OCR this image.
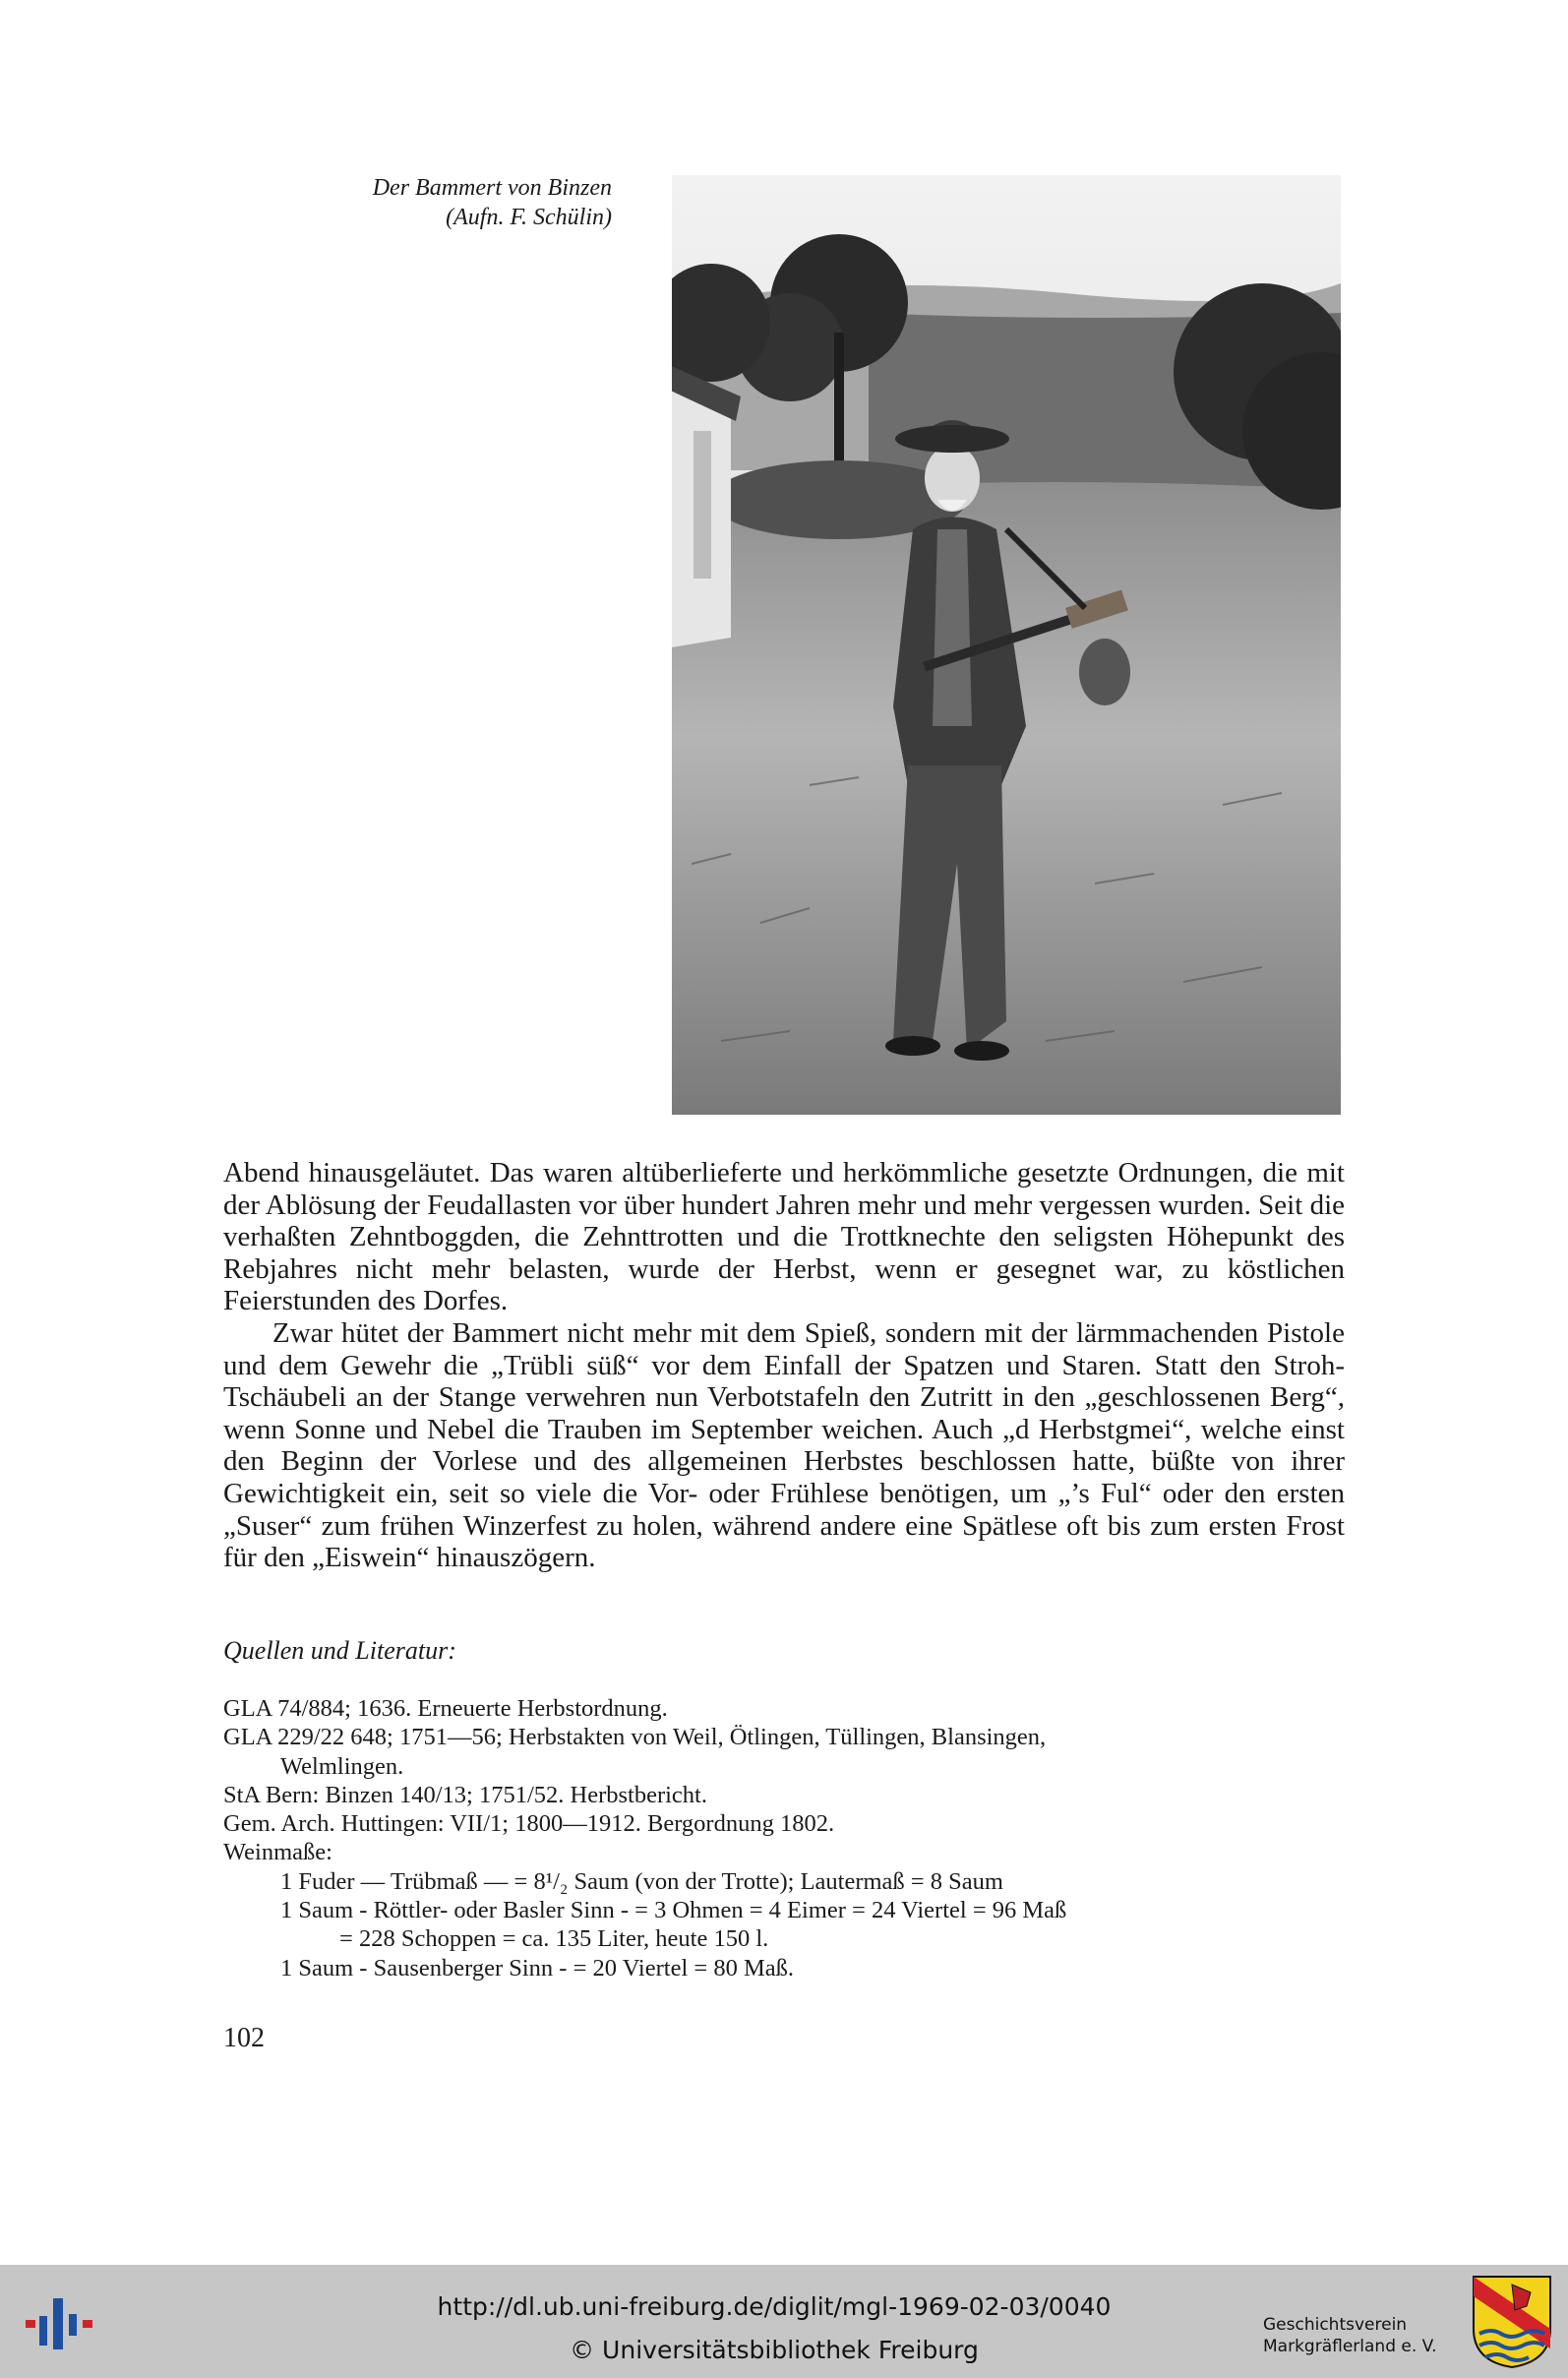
Der Bammert von Binzen
(Aufn. F. Schülin)

Abend hinausgeläutet. Das waren altüberlieferte und herkömmliche gesetzte Ordnungen, die mit der Ablösung der Feudallasten vor über hundert Jahren mehr und mehr vergessen wurden. Seit die verhaßten Zehntboggden, die Zehnttrotten und die Trottknechte den seligsten Höhepunkt des Rebjahres nicht mehr belasten, wurde der Herbst, wenn er gesegnet war, zu köstlichen Feierstunden des Dorfes.

Zwar hütet der Bammert nicht mehr mit dem Spieß, sondern mit der lärmmachenden Pistole und dem Gewehr die „Trübli süß“ vor dem Einfall der Spatzen und Staren. Statt den Stroh-Tschäubeli an der Stange verwehren nun Verbotstafeln den Zutritt in den „geschlossenen Berg“, wenn Sonne und Nebel die Trauben im September weichen. Auch „d Herbstgmei“, welche einst den Beginn der Vorlese und des allgemeinen Herbstes beschlossen hatte, büßte von ihrer Gewichtigkeit ein, seit so viele die Vor- oder Frühlese benötigen, um „’s Ful“ oder den ersten „Suser“ zum frühen Winzerfest zu holen, während andere eine Spätlese oft bis zum ersten Frost für den „Eiswein“ hinauszögern.

Quellen und Literatur:
GLA 74/884; 1636. Erneuerte Herbstordnung.
GLA 229/22 648; 1751—56; Herbstakten von Weil, Ötlingen, Tüllingen, Blansingen,
Welmlingen.
StA Bern: Binzen 140/13; 1751/52. Herbstbericht.
Gem. Arch. Huttingen: VII/1; 1800—1912. Bergordnung 1802.
Weinmaße:
1 Fuder — Trübmaß — = 8¹/₂ Saum (von der Trotte); Lautermaß = 8 Saum
1 Saum - Röttler- oder Basler Sinn - = 3 Ohmen = 4 Eimer = 24 Viertel = 96 Maß
= 228 Schoppen = ca. 135 Liter, heute 150 l.
1 Saum - Sausenberger Sinn - = 20 Viertel = 80 Maß.
102
http://dl.ub.uni-freiburg.de/diglit/mgl-1969-02-03/0040
© Universitätsbibliothek Freiburg
Geschichtsverein
Markgräflerland e. V.
